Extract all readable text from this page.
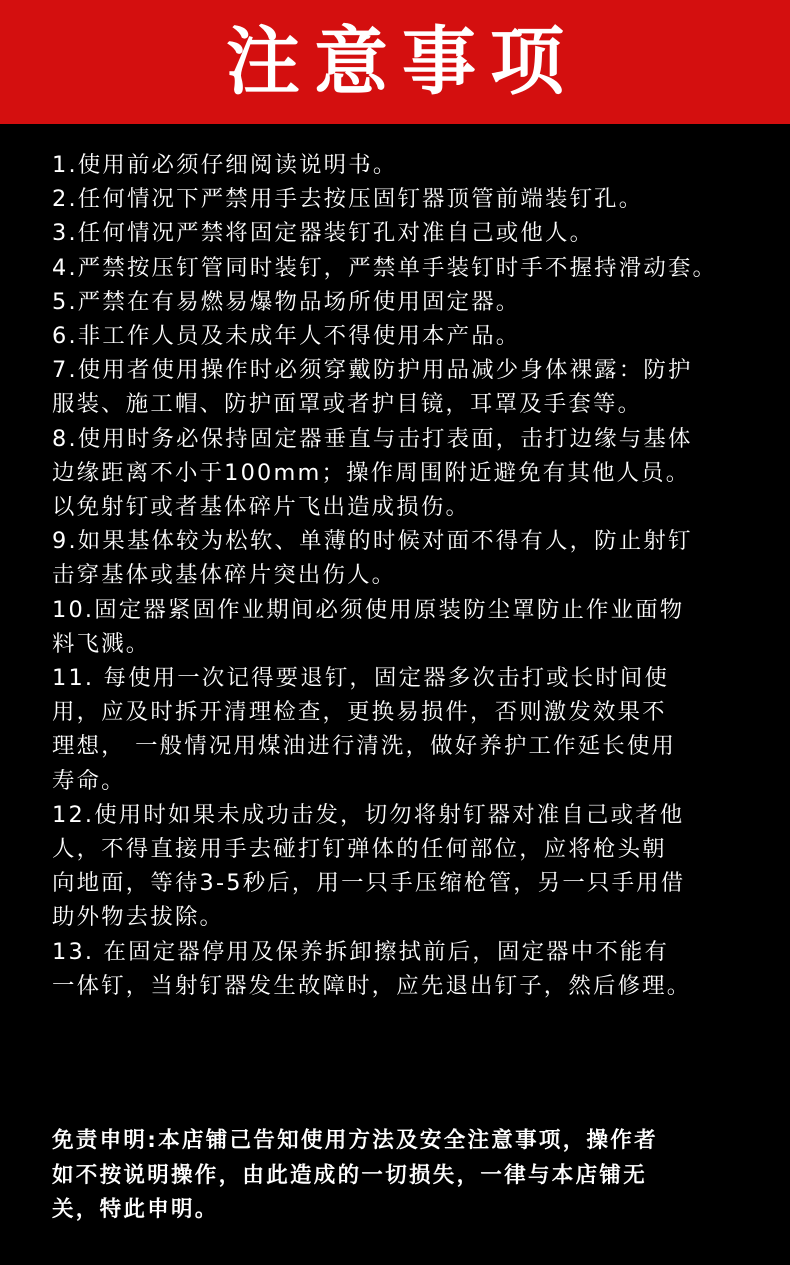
注意事项
1.使用前必须仔细阅读说明书。
2.任何情况下严禁用手去按压固钉器顶管前端装钉孔。
3.任何情况严禁将固定器装钉孔对准自己或他人。
4.严禁按压钉管同时装钉，严禁单手装钉时手不握持滑动套。
5.严禁在有易燃易爆物品场所使用固定器。
6.非工作人员及未成年人不得使用本产品。
7.使用者使用操作时必须穿戴防护用品减少身体裸露：防护
服装、施工帽、防护面罩或者护目镜，耳罩及手套等。
8.使用时务必保持固定器垂直与击打表面，击打边缘与基体
边缘距离不小于100mm；操作周围附近避免有其他人员。
以免射钉或者基体碎片飞出造成损伤。
9.如果基体较为松软、单薄的时候对面不得有人，防止射钉
击穿基体或基体碎片突出伤人。
10.固定器紧固作业期间必须使用原装防尘罩防止作业面物
料飞溅。
11. 每使用一次记得要退钉，固定器多次击打或长时间使
用，应及时拆开清理检查，更换易损件，否则激发效果不
理想， 一般情况用煤油进行清洗，做好养护工作延长使用
寿命。
12.使用时如果未成功击发，切勿将射钉器对准自己或者他
人，不得直接用手去碰打钉弹体的任何部位，应将枪头朝
向地面，等待3-5秒后，用一只手压缩枪管，另一只手用借
助外物去拔除。
13. 在固定器停用及保养拆卸擦拭前后，固定器中不能有
一体钉，当射钉器发生故障时，应先退出钉子，然后修理。

免责申明:本店铺己告知使用方法及安全注意事项，操作者
如不按说明操作，由此造成的一切损失，一律与本店铺无
关，特此申明。
